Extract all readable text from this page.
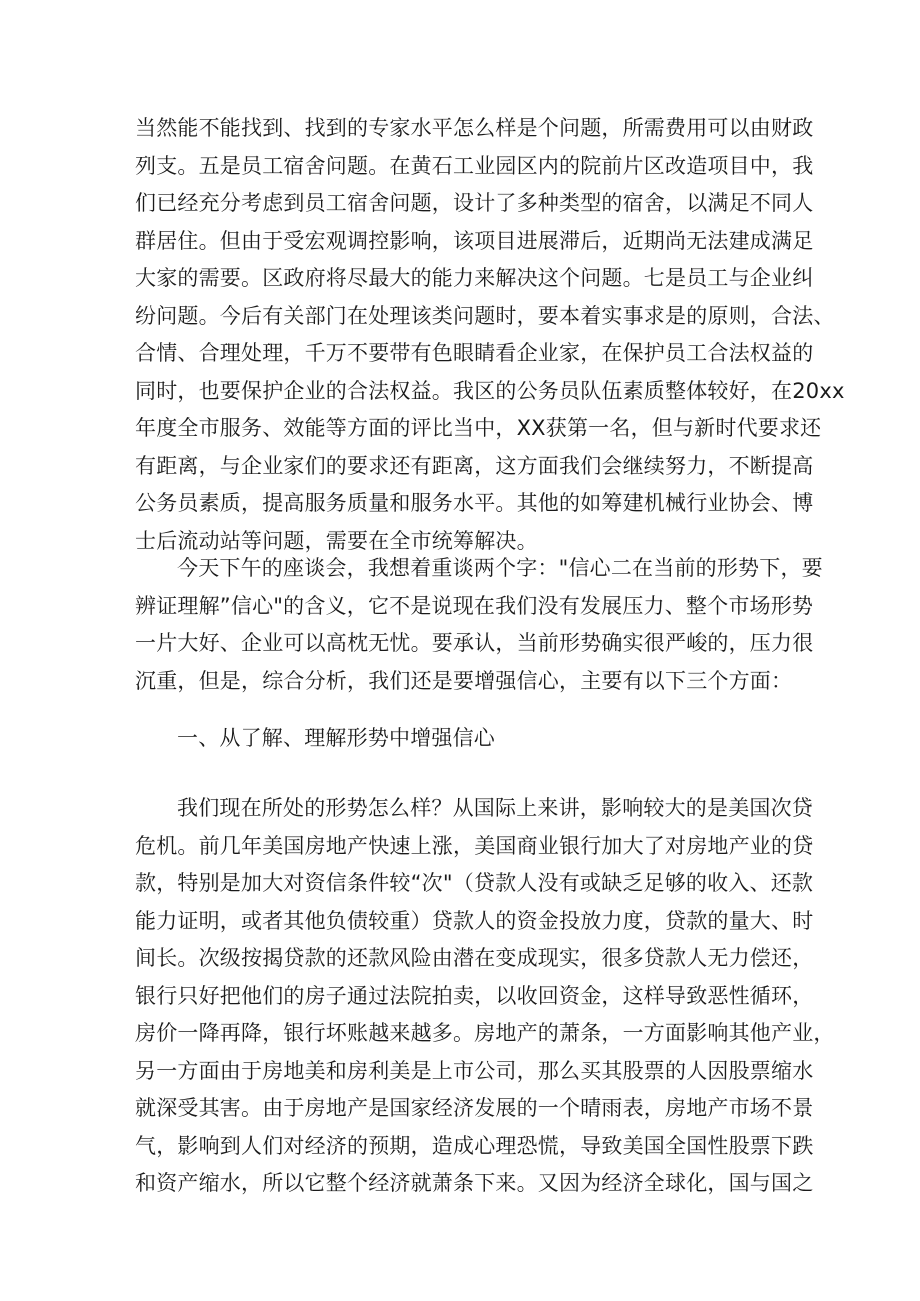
当然能不能找到、找到的专家水平怎么样是个问题，所需费用可以由财政
列支。五是员工宿舍问题。在黄石工业园区内的院前片区改造项目中，我
们已经充分考虑到员工宿舍问题，设计了多种类型的宿舍，以满足不同人
群居住。但由于受宏观调控影响，该项目进展滞后，近期尚无法建成满足
大家的需要。区政府将尽最大的能力来解决这个问题。七是员工与企业纠
纷问题。今后有关部门在处理该类问题时，要本着实事求是的原则，合法、
合情、合理处理，千万不要带有色眼睛看企业家，在保护员工合法权益的
同时，也要保护企业的合法权益。我区的公务员队伍素质整体较好，在20xx
年度全市服务、效能等方面的评比当中，XX获第一名，但与新时代要求还
有距离，与企业家们的要求还有距离，这方面我们会继续努力，不断提高
公务员素质，提高服务质量和服务水平。其他的如筹建机械行业协会、博
士后流动站等问题，需要在全市统筹解决。
今天下午的座谈会，我想着重谈两个字："信心二在当前的形势下，要
辨证理解”信心"的含义，它不是说现在我们没有发展压力、整个市场形势
一片大好、企业可以高枕无忧。要承认，当前形势确实很严峻的，压力很
沉重，但是，综合分析，我们还是要增强信心，主要有以下三个方面：
一、从了解、理解形势中增强信心
我们现在所处的形势怎么样？从国际上来讲，影响较大的是美国次贷
危机。前几年美国房地产快速上涨，美国商业银行加大了对房地产业的贷
款，特别是加大对资信条件较“次"（贷款人没有或缺乏足够的收入、还款
能力证明，或者其他负债较重）贷款人的资金投放力度，贷款的量大、时
间长。次级按揭贷款的还款风险由潜在变成现实，很多贷款人无力偿还，
银行只好把他们的房子通过法院拍卖，以收回资金，这样导致恶性循环，
房价一降再降，银行坏账越来越多。房地产的萧条，一方面影响其他产业，
另一方面由于房地美和房利美是上市公司，那么买其股票的人因股票缩水
就深受其害。由于房地产是国家经济发展的一个晴雨表，房地产市场不景
气，影响到人们对经济的预期，造成心理恐慌，导致美国全国性股票下跌
和资产缩水，所以它整个经济就萧条下来。又因为经济全球化，国与国之
